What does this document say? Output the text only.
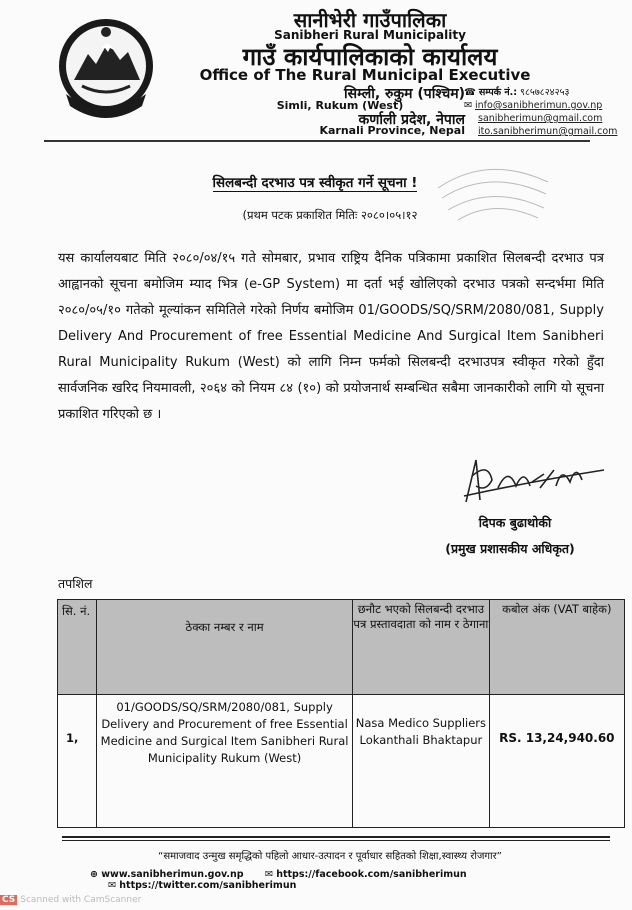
सानीभेरी गाउँपालिका
Sanibheri Rural Municipality
गाउँ कार्यपालिकाको कार्यालय
Office of The Rural Municipal Executive
सिम्ली, रुकुम (पश्चिम)
Simli, Rukum (West)
कर्णाली प्रदेश, नेपाल
Karnali Province, Nepal
☎ सम्पर्क नं.: ९८५७८२४२५३
✉ info@sanibherimun.gov.np
sanibherimun@gmail.com
ito.sanibherimun@gmail.com
सिलबन्दी दरभाउ पत्र स्वीकृत गर्ने सूचना !
(प्रथम पटक प्रकाशित मितिः २०८०।०५।१२
यस कार्यालयबाट मिति २०८०/०४/१५ गते सोमबार, प्रभाव राष्ट्रिय दैनिक पत्रिकामा प्रकाशित सिलबन्दी दरभाउ पत्र आह्वानको सूचना बमोजिम म्याद भित्र (e-GP System) मा दर्ता भई खोलिएको दरभाउ पत्रको सन्दर्भमा मिति २०८०/०५/१० गतेको मूल्यांकन समितिले गरेको निर्णय बमोजिम 01/GOODS/SQ/SRM/2080/081, Supply Delivery And Procurement of free Essential Medicine And Surgical Item Sanibheri Rural Municipality Rukum (West) को लागि निम्न फर्मको सिलबन्दी दरभाउपत्र स्वीकृत गरेको हुँदा सार्वजनिक खरिद नियमावली, २०६४ को नियम ८४ (१०) को प्रयोजनार्थ सम्बन्धित सबैमा जानकारीको लागि यो सूचना प्रकाशित गरिएको छ ।
दिपक बुढाथोकी
(प्रमुख प्रशासकीय अधिकृत)
तपशिल
सि. नं.	ठेक्का नम्बर र नाम	छनौट भएको सिलबन्दी दरभाउ पत्र प्रस्तावदाता को नाम र ठेगाना	कबोल अंक (VAT बाहेक)
1,	01/GOODS/SQ/SRM/2080/081, Supply Delivery and Procurement of free Essential Medicine and Surgical Item Sanibheri Rural Municipality Rukum (West)	Nasa Medico Suppliers Lokanthali Bhaktapur	RS. 13,24,940.60
“समाजवाद उन्मुख समृद्धिको पहिलो आधार-उत्पादन र पूर्वाधार सहितको शिक्षा,स्वास्थ्य रोजगार”
⊕ www.sanibherimun.gov.np ✉ https://facebook.com/sanibherimun ✉ https://twitter.com/sanibherimun
CS Scanned with CamScanner
